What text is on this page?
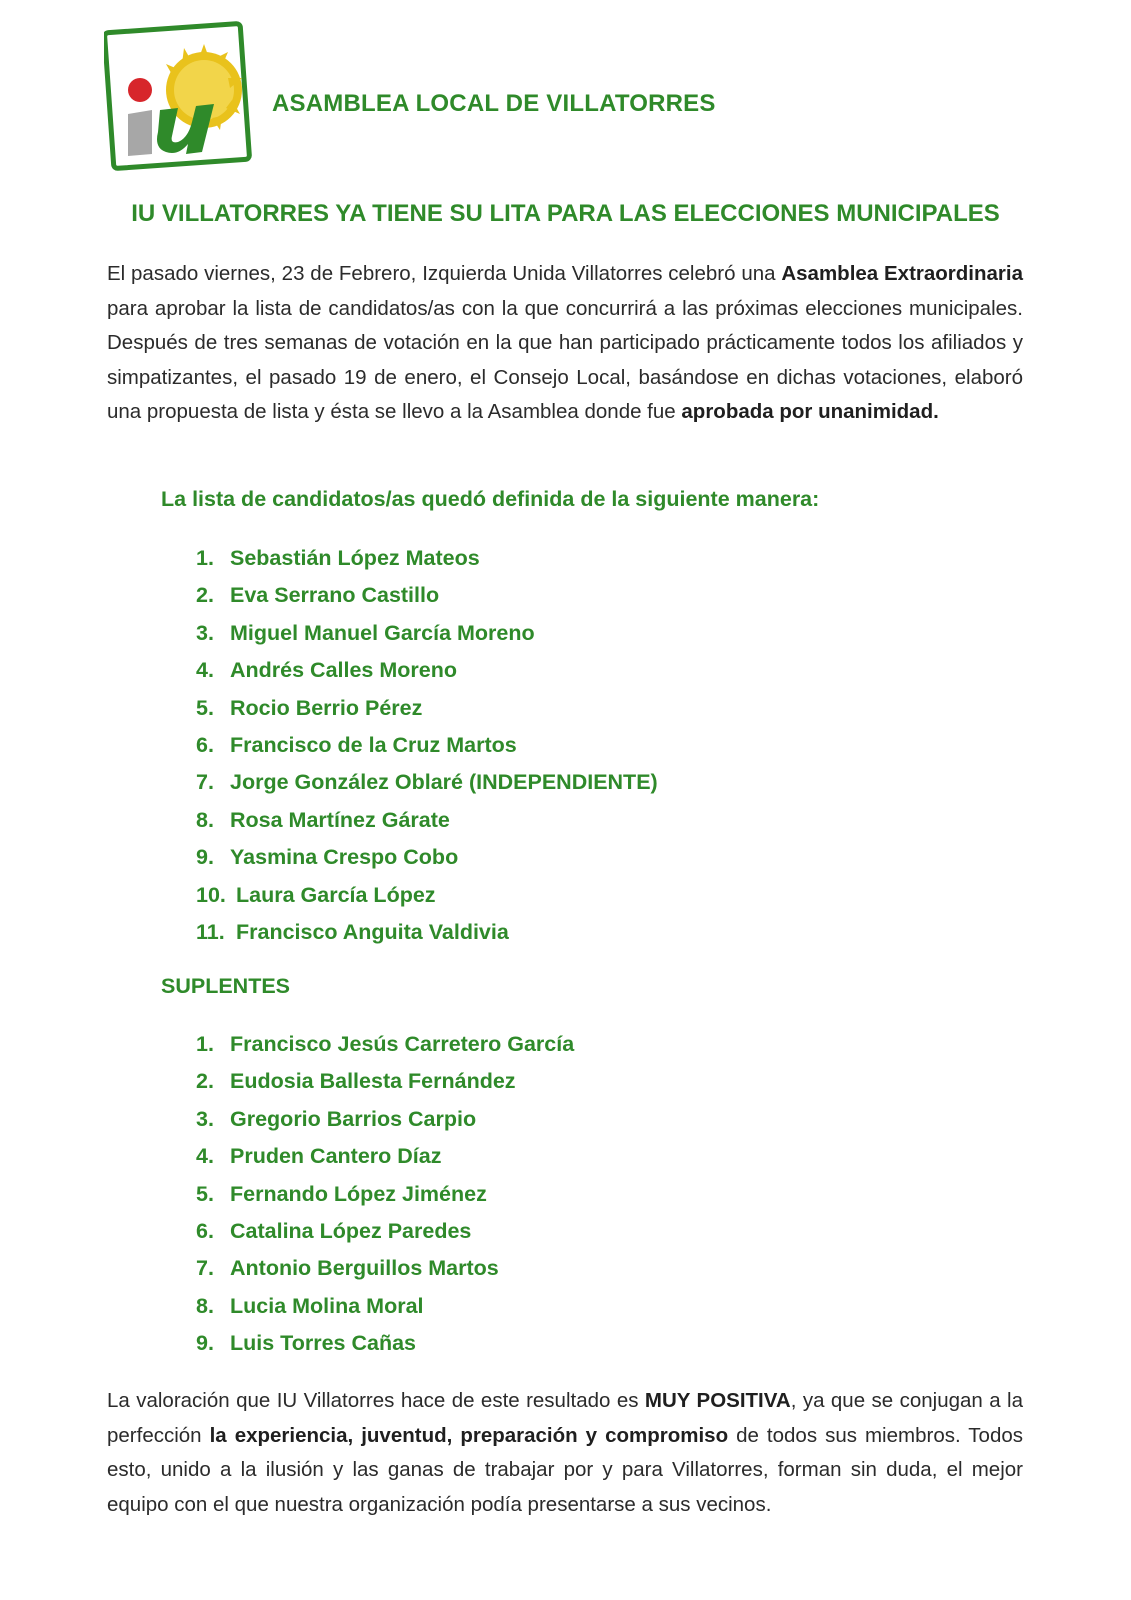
ASAMBLEA LOCAL DE VILLATORRES
IU VILLATORRES YA TIENE SU LITA PARA LAS ELECCIONES MUNICIPALES
El pasado viernes, 23 de Febrero, Izquierda Unida Villatorres celebró una Asamblea Extraordinaria para aprobar la lista de candidatos/as con la que concurrirá a las próximas elecciones municipales. Después de tres semanas de votación en la que han participado prácticamente todos los afiliados y simpatizantes, el pasado 19 de enero, el Consejo Local, basándose en dichas votaciones, elaboró una propuesta de lista y ésta se llevo a la Asamblea donde fue aprobada por unanimidad.
La lista de candidatos/as quedó definida de la siguiente manera:
1. Sebastián López Mateos
2. Eva Serrano Castillo
3. Miguel Manuel García Moreno
4. Andrés Calles Moreno
5. Rocio Berrio Pérez
6. Francisco de la Cruz Martos
7. Jorge González Oblaré (INDEPENDIENTE)
8. Rosa Martínez Gárate
9. Yasmina Crespo Cobo
10. Laura García López
11. Francisco Anguita Valdivia
SUPLENTES
1. Francisco Jesús Carretero García
2. Eudosia Ballesta Fernández
3. Gregorio Barrios Carpio
4. Pruden Cantero Díaz
5. Fernando López Jiménez
6. Catalina López Paredes
7. Antonio Berguillos Martos
8. Lucia Molina Moral
9. Luis Torres Cañas
La valoración que IU Villatorres hace de este resultado es MUY POSITIVA, ya que se conjugan a la perfección la experiencia, juventud, preparación y compromiso de todos sus miembros. Todos esto, unido a la ilusión y las ganas de trabajar por y para Villatorres, forman sin duda, el mejor equipo con el que nuestra organización podía presentarse a sus vecinos.
